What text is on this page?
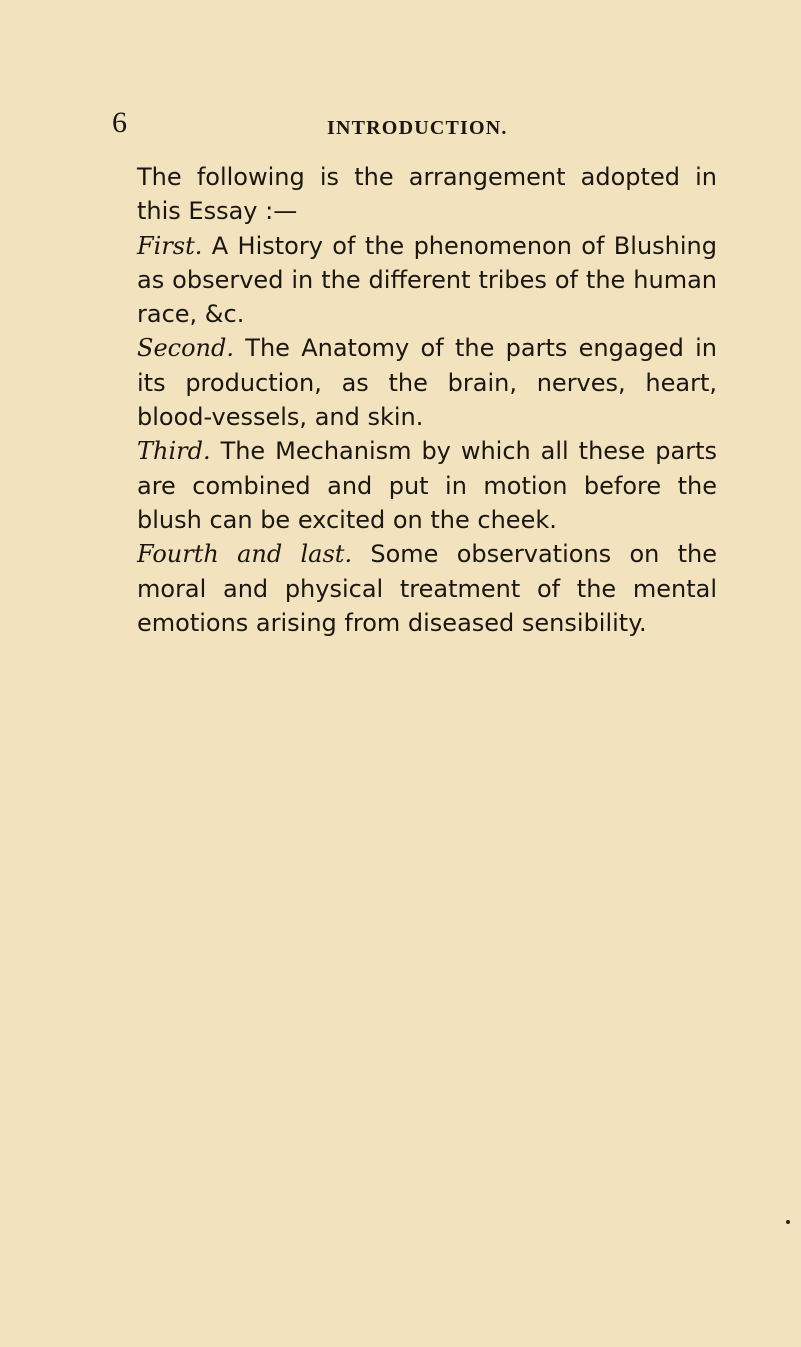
6	INTRODUCTION.

The following is the arrangement adopted in this Essay :—

First. A History of the phenomenon of Blushing as observed in the different tribes of the human race, &c.

Second. The Anatomy of the parts engaged in its production, as the brain, nerves, heart, blood-vessels, and skin.

Third. The Mechanism by which all these parts are combined and put in motion before the blush can be excited on the cheek.

Fourth and last. Some observations on the moral and physical treatment of the mental emotions arising from diseased sensibility.
